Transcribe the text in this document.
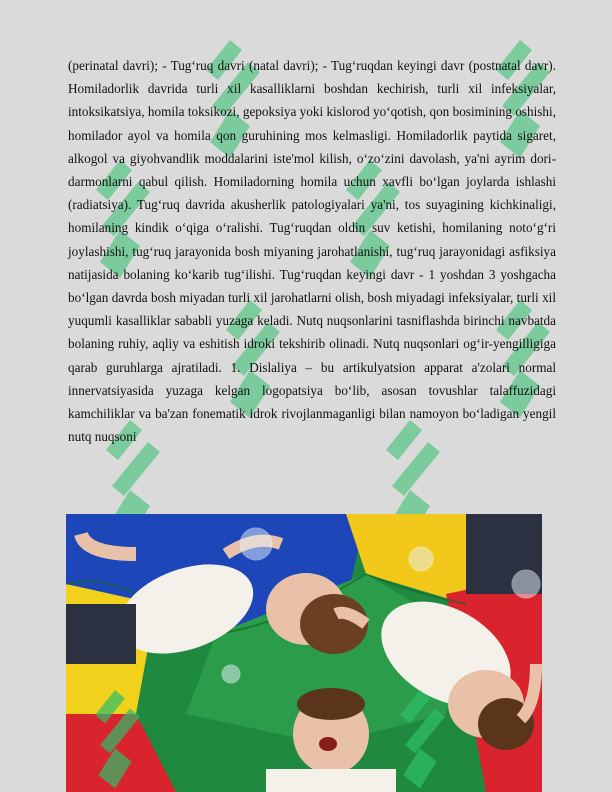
(perinatal davri); - Tug‘ruq davri (natal davri); - Tug‘ruqdan keyingi davr (postnatal davr). Homiladorlik davrida turli xil kasalliklarni boshdan kechirish, turli xil infeksiyalar, intoksikatsiya, homila toksikozi, gepoksiya yoki kislorod yo‘qotish, qon bosimining oshishi, homilador ayol va homila qon guruhining mos kelmasligi. Homiladorlik paytida sigaret, alkogol va giyohvandlik moddalarini iste'mol kilish, o‘zo‘zini davolash, ya'ni ayrim dori-darmonlarni qabul qilish. Homiladorning homila uchun xavfli bo‘lgan joylarda ishlashi (radiatsiya). Tug‘ruq davrida akusherlik patologiyalari ya'ni, tos suyagining kichkinaligi, homilaning kindik o‘qiga o‘ralishi. Tug‘ruqdan oldin suv ketishi, homilaning noto‘g‘ri joylashishi, tug‘ruq jarayonida bosh miyaning jarohatlanishi, tug‘ruq jarayonidagi asfiksiya natijasida bolaning ko‘karib tug‘ilishi. Tug‘ruqdan keyingi davr - 1 yoshdan 3 yoshgacha bo‘lgan davrda bosh miyadan turli xil jarohatlarni olish, bosh miyadagi infeksiyalar, turli xil yuqumli kasalliklar sababli yuzaga keladi. Nutq nuqsonlarini tasniflashda birinchi navbatda bolaning ruhiy, aqliy va eshitish idroki tekshirib olinadi. Nutq nuqsonlari og‘ir-yengilligiga qarab guruhlarga ajratiladi. 1. Dislaliya – bu artikulyatsion apparat a'zolari normal innervatsiyasida yuzaga kelgan logopatsiya bo‘lib, asosan tovushlar talaffuzidagi kamchiliklar va ba'zan fonematik idrok rivojlanmaganligi bilan namoyon bo‘ladigan yengil nutq nuqsoni
